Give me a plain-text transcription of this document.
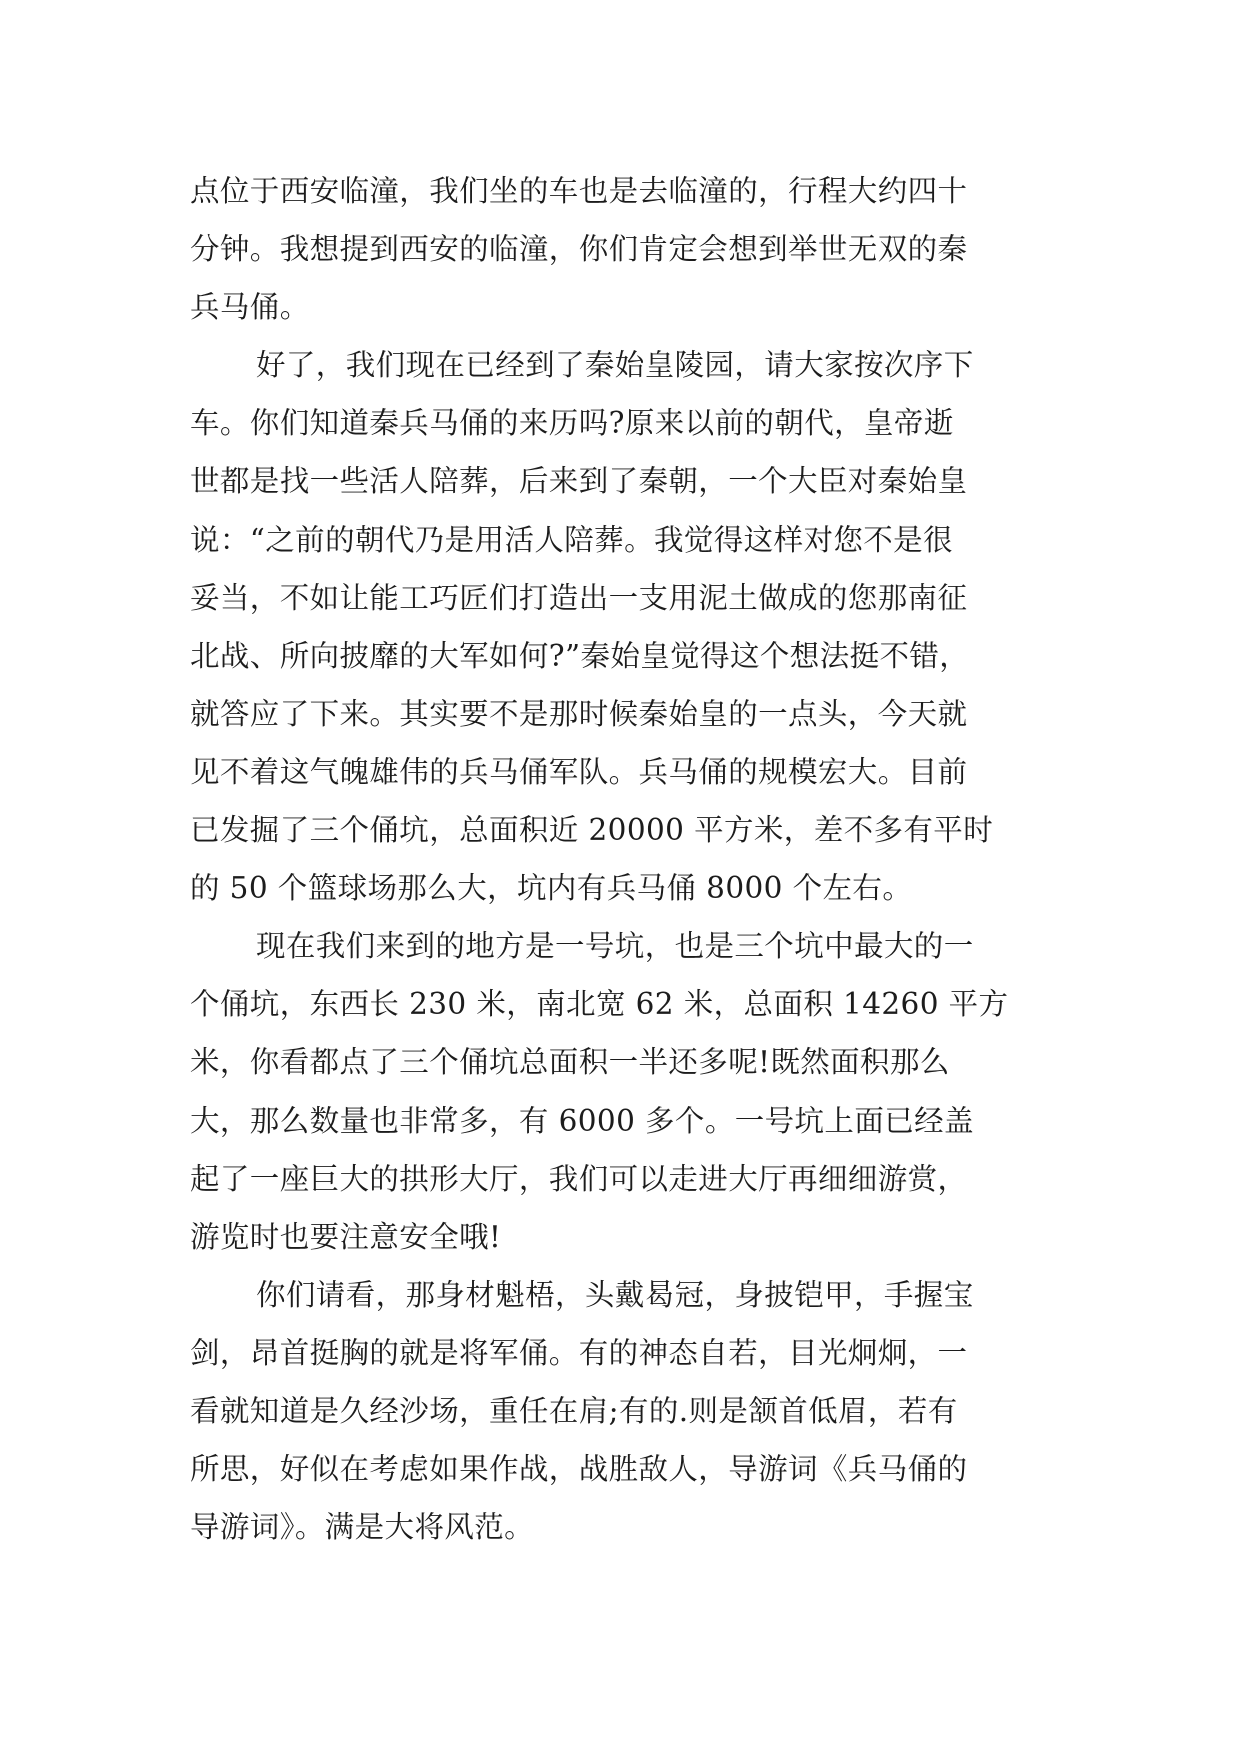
点位于西安临潼，我们坐的车也是去临潼的，行程大约四十
分钟。我想提到西安的临潼，你们肯定会想到举世无双的秦
兵马俑。
好了，我们现在已经到了秦始皇陵园，请大家按次序下
车。你们知道秦兵马俑的来历吗?原来以前的朝代，皇帝逝
世都是找一些活人陪葬，后来到了秦朝，一个大臣对秦始皇
说：“之前的朝代乃是用活人陪葬。我觉得这样对您不是很
妥当，不如让能工巧匠们打造出一支用泥土做成的您那南征
北战、所向披靡的大军如何?”秦始皇觉得这个想法挺不错，
就答应了下来。其实要不是那时候秦始皇的一点头，今天就
见不着这气魄雄伟的兵马俑军队。兵马俑的规模宏大。目前
已发掘了三个俑坑，总面积近 20000 平方米，差不多有平时
的 50 个篮球场那么大，坑内有兵马俑 8000 个左右。
现在我们来到的地方是一号坑，也是三个坑中最大的一
个俑坑，东西长 230 米，南北宽 62 米，总面积 14260 平方
米，你看都点了三个俑坑总面积一半还多呢!既然面积那么
大，那么数量也非常多，有 6000 多个。一号坑上面已经盖
起了一座巨大的拱形大厅，我们可以走进大厅再细细游赏，
游览时也要注意安全哦!
你们请看，那身材魁梧，头戴曷冠，身披铠甲，手握宝
剑，昂首挺胸的就是将军俑。有的神态自若，目光炯炯，一
看就知道是久经沙场，重任在肩;有的.则是颔首低眉，若有
所思，好似在考虑如果作战，战胜敌人，导游词《兵马俑的
导游词》。满是大将风范。
